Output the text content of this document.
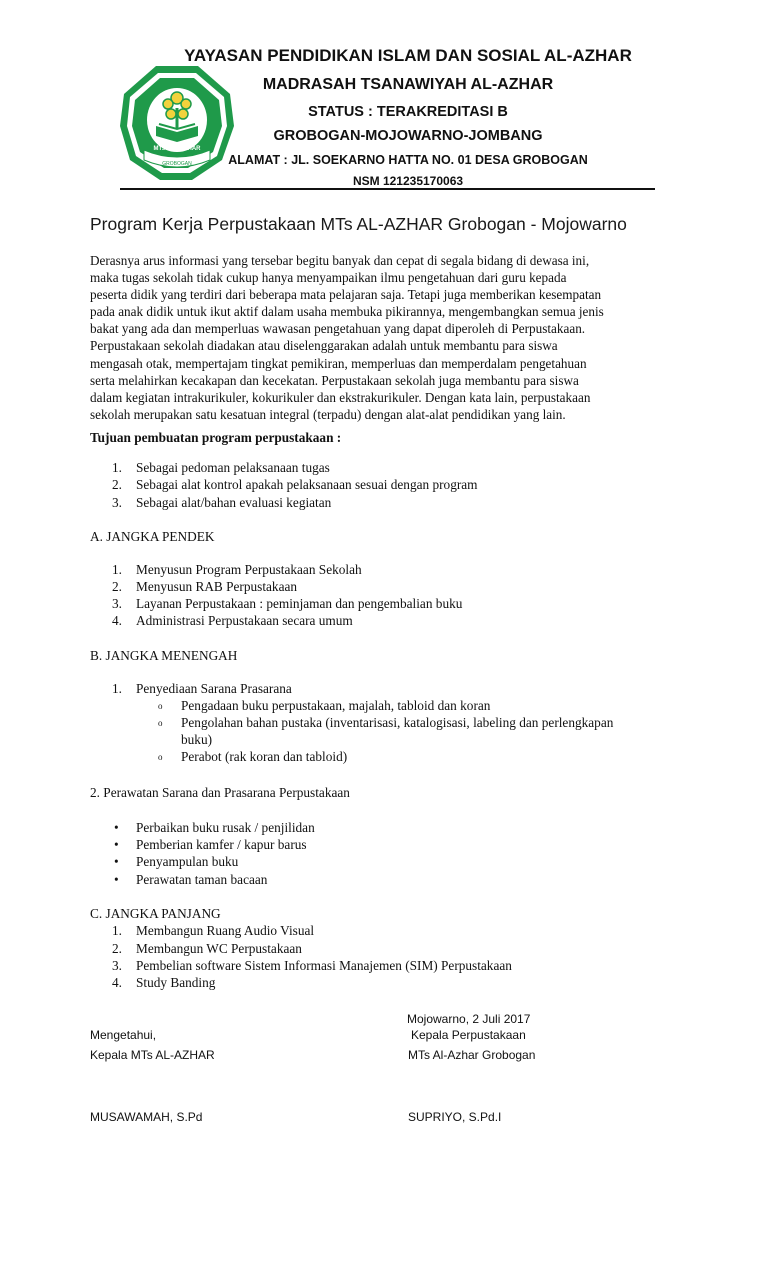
MTs AL - AZHAR
GROBOGAN
YAYASAN PENDIDIKAN ISLAM DAN SOSIAL AL-AZHAR
MADRASAH TSANAWIYAH AL-AZHAR
STATUS : TERAKREDITASI B
GROBOGAN-MOJOWARNO-JOMBANG
ALAMAT : JL. SOEKARNO HATTA NO. 01 DESA GROBOGAN
NSM 121235170063
Program Kerja Perpustakaan MTs AL-AZHAR Grobogan - Mojowarno
Derasnya arus informasi yang tersebar begitu banyak dan cepat di segala bidang di dewasa ini,
maka tugas sekolah tidak cukup hanya menyampaikan ilmu pengetahuan dari guru kepada
peserta didik yang terdiri dari beberapa mata pelajaran saja. Tetapi juga memberikan kesempatan
pada anak didik untuk ikut aktif dalam usaha membuka pikirannya, mengembangkan semua jenis
bakat yang ada dan memperluas wawasan pengetahuan yang dapat diperoleh di Perpustakaan.
Perpustakaan sekolah diadakan atau diselenggarakan adalah untuk membantu para siswa
mengasah otak, mempertajam tingkat pemikiran, memperluas dan memperdalam pengetahuan
serta melahirkan kecakapan dan kecekatan. Perpustakaan sekolah juga membantu para siswa
dalam kegiatan intrakurikuler, kokurikuler dan ekstrakurikuler. Dengan kata lain, perpustakaan
sekolah merupakan satu kesatuan integral (terpadu) dengan alat-alat pendidikan yang lain.
Tujuan pembuatan program perpustakaan :
1. Sebagai pedoman pelaksanaan tugas
2. Sebagai alat kontrol apakah pelaksanaan sesuai dengan program
3. Sebagai alat/bahan evaluasi kegiatan
A. JANGKA PENDEK
1. Menyusun Program Perpustakaan Sekolah
2. Menyusun RAB Perpustakaan
3. Layanan Perpustakaan : peminjaman dan pengembalian buku
4. Administrasi Perpustakaan secara umum
B. JANGKA MENENGAH
1. Penyediaan Sarana Prasarana
o Pengadaan buku perpustakaan, majalah, tabloid dan koran
o Pengolahan bahan pustaka (inventarisasi, katalogisasi, labeling dan perlengkapan
buku)
o Perabot (rak koran dan tabloid)
2. Perawatan Sarana dan Prasarana Perpustakaan
• Perbaikan buku rusak / penjilidan
• Pemberian kamfer / kapur barus
• Penyampulan buku
• Perawatan taman bacaan
C. JANGKA PANJANG
1. Membangun Ruang Audio Visual
2. Membangun WC Perpustakaan
3. Pembelian software Sistem Informasi Manajemen (SIM) Perpustakaan
4. Study Banding
Mojowarno, 2 Juli 2017
Mengetahui,	Kepala Perpustakaan
Kepala MTs AL-AZHAR	MTs Al-Azhar Grobogan
MUSAWAMAH, S.Pd	SUPRIYO, S.Pd.I
